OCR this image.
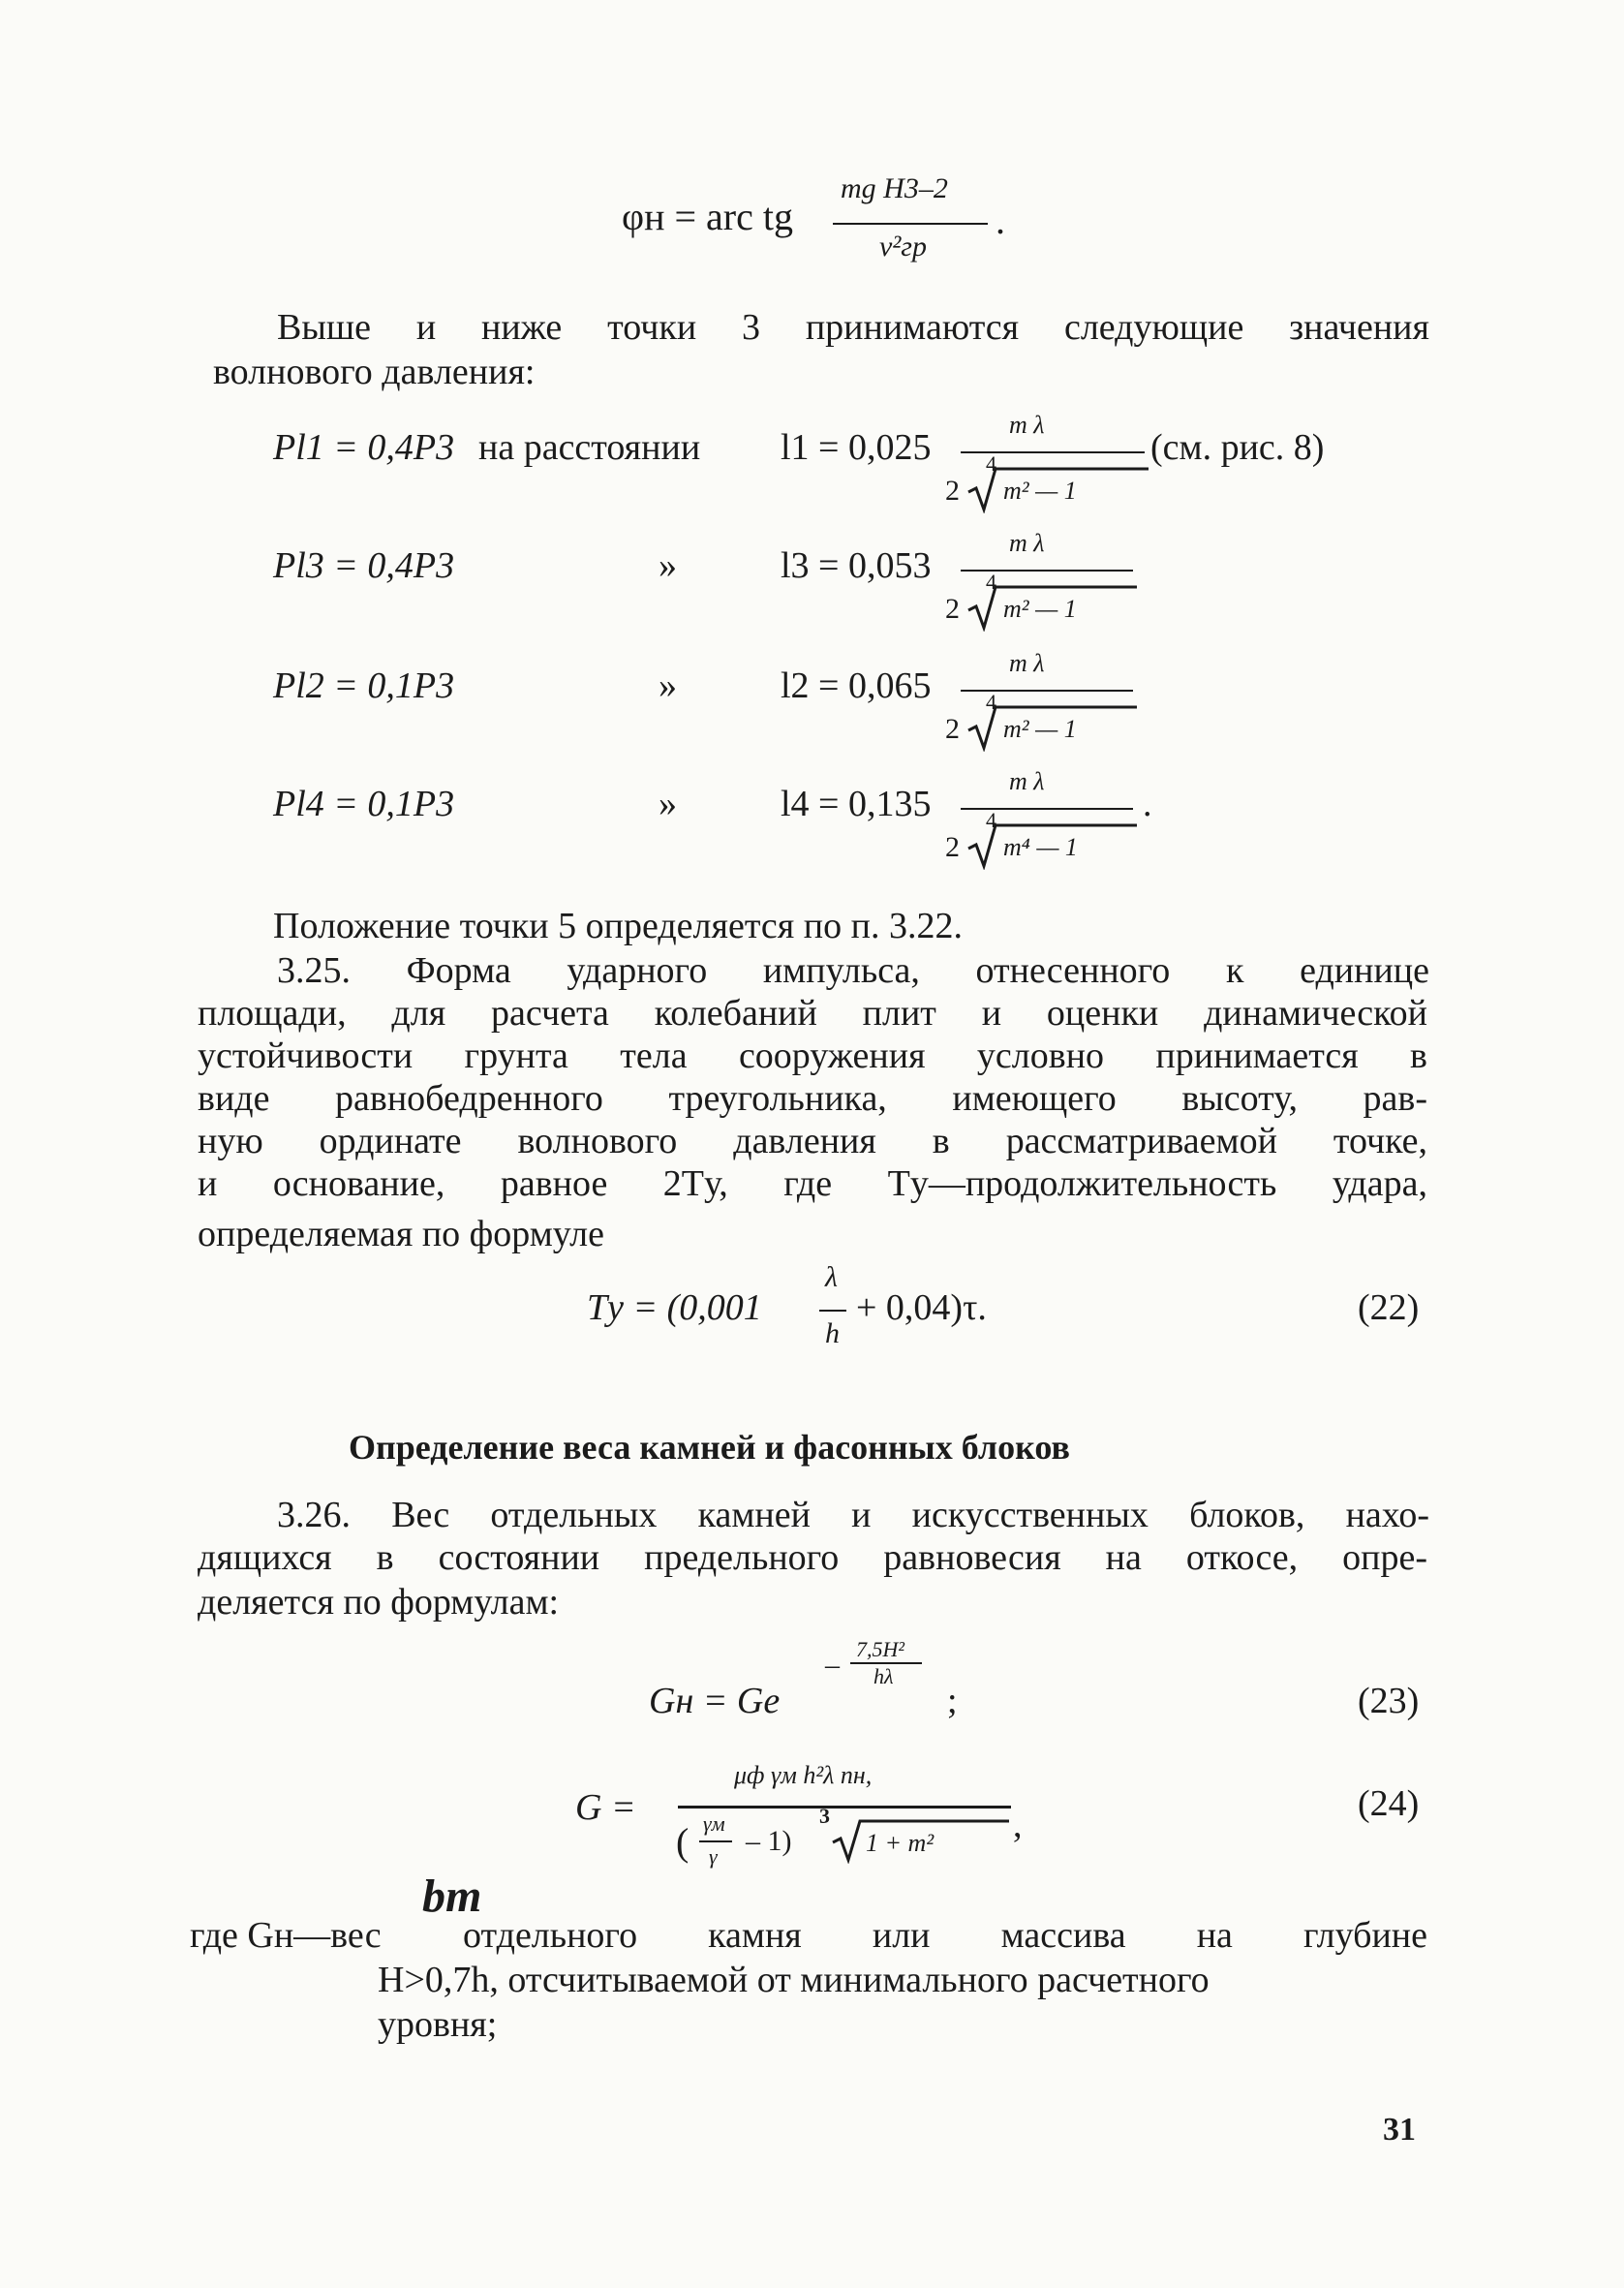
φн = arc tg
mg H3–2
v²гр
.
Выше и ниже точки 3 принимаются следующие значения
волнового давления:
Pl1 = 0,4P3 на расстоянии l1 = 0,025
m λ
2
4
m² — 1
(см. рис. 8)
Pl3 = 0,4P3	»	l3 = 0,053
m λ
2
4
m² — 1
Pl2 = 0,1P3	»	l2 = 0,065
m λ
2
4
m² — 1
Pl4 = 0,1P3	»	l4 = 0,135
m λ
2
4
m⁴ — 1
.
Положение точки 5 определяется по п. 3.22.
3.25. Форма ударного импульса, отнесенного к единице
площади, для расчета колебаний плит и оценки динамической
устойчивости грунта тела сооружения условно принимается в
виде равнобедренного треугольника, имеющего высоту, рав-
ную ординате волнового давления в рассматриваемой точке,
и основание, равное 2Tу, где Tу—продолжительность удара,
определяемая по формуле
Tу = (0,001
λ
h
+ 0,04)τ.	(22)
Определение веса камней и фасонных блоков
3.26. Вес отдельных камней и искусственных блоков, нахо-
дящихся в состоянии предельного равновесия на откосе, опре-
деляется по формулам:
Gн = Ge
– 7,5H²
hλ
;	(23)
G =
μф γм h²λ nн,
( γм
γ – 1)
3
1 + m² ,
(24)
bm
где Gн—вес отдельного камня или массива на глубине
H>0,7h, отсчитываемой от минимального расчетного
уровня;
31
